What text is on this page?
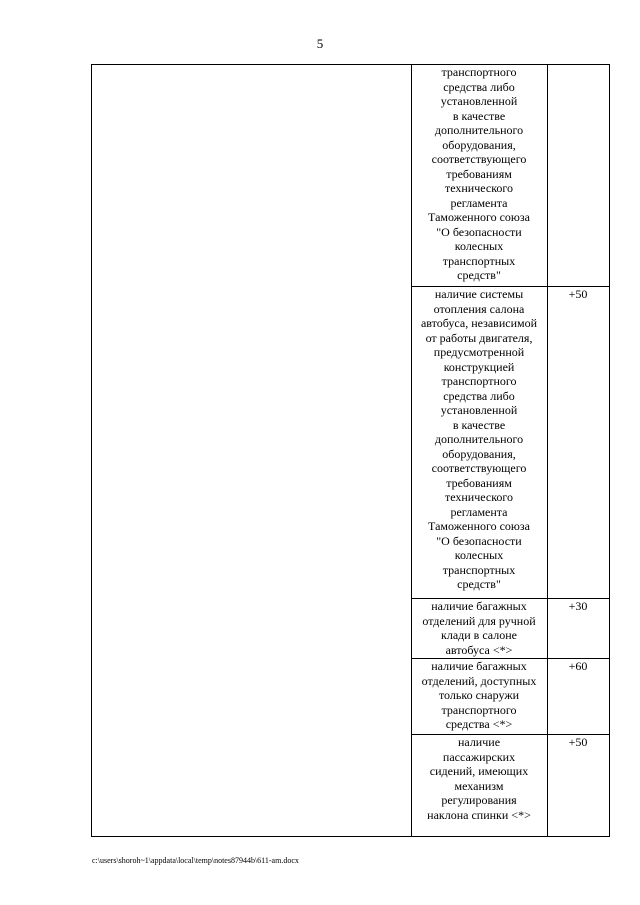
5
транспортного
средства либо
установленной
в качестве
дополнительного
оборудования,
соответствующего
требованиям
технического
регламента
Таможенного союза
"О безопасности
колесных
транспортных
средств"
наличие системы
отопления салона
автобуса, независимой
от работы двигателя,
предусмотренной
конструкцией
транспортного
средства либо
установленной
в качестве
дополнительного
оборудования,
соответствующего
требованиям
технического
регламента
Таможенного союза
"О безопасности
колесных
транспортных
средств"
+50
наличие багажных
отделений для ручной
клади в салоне
автобуса <*>
+30
наличие багажных
отделений, доступных
только снаружи
транспортного
средства <*>
+60
наличие
пассажирских
сидений, имеющих
механизм
регулирования
наклона спинки <*>
+50
c:\users\shoroh~1\appdata\local\temp\notes87944b\611-am.docx
